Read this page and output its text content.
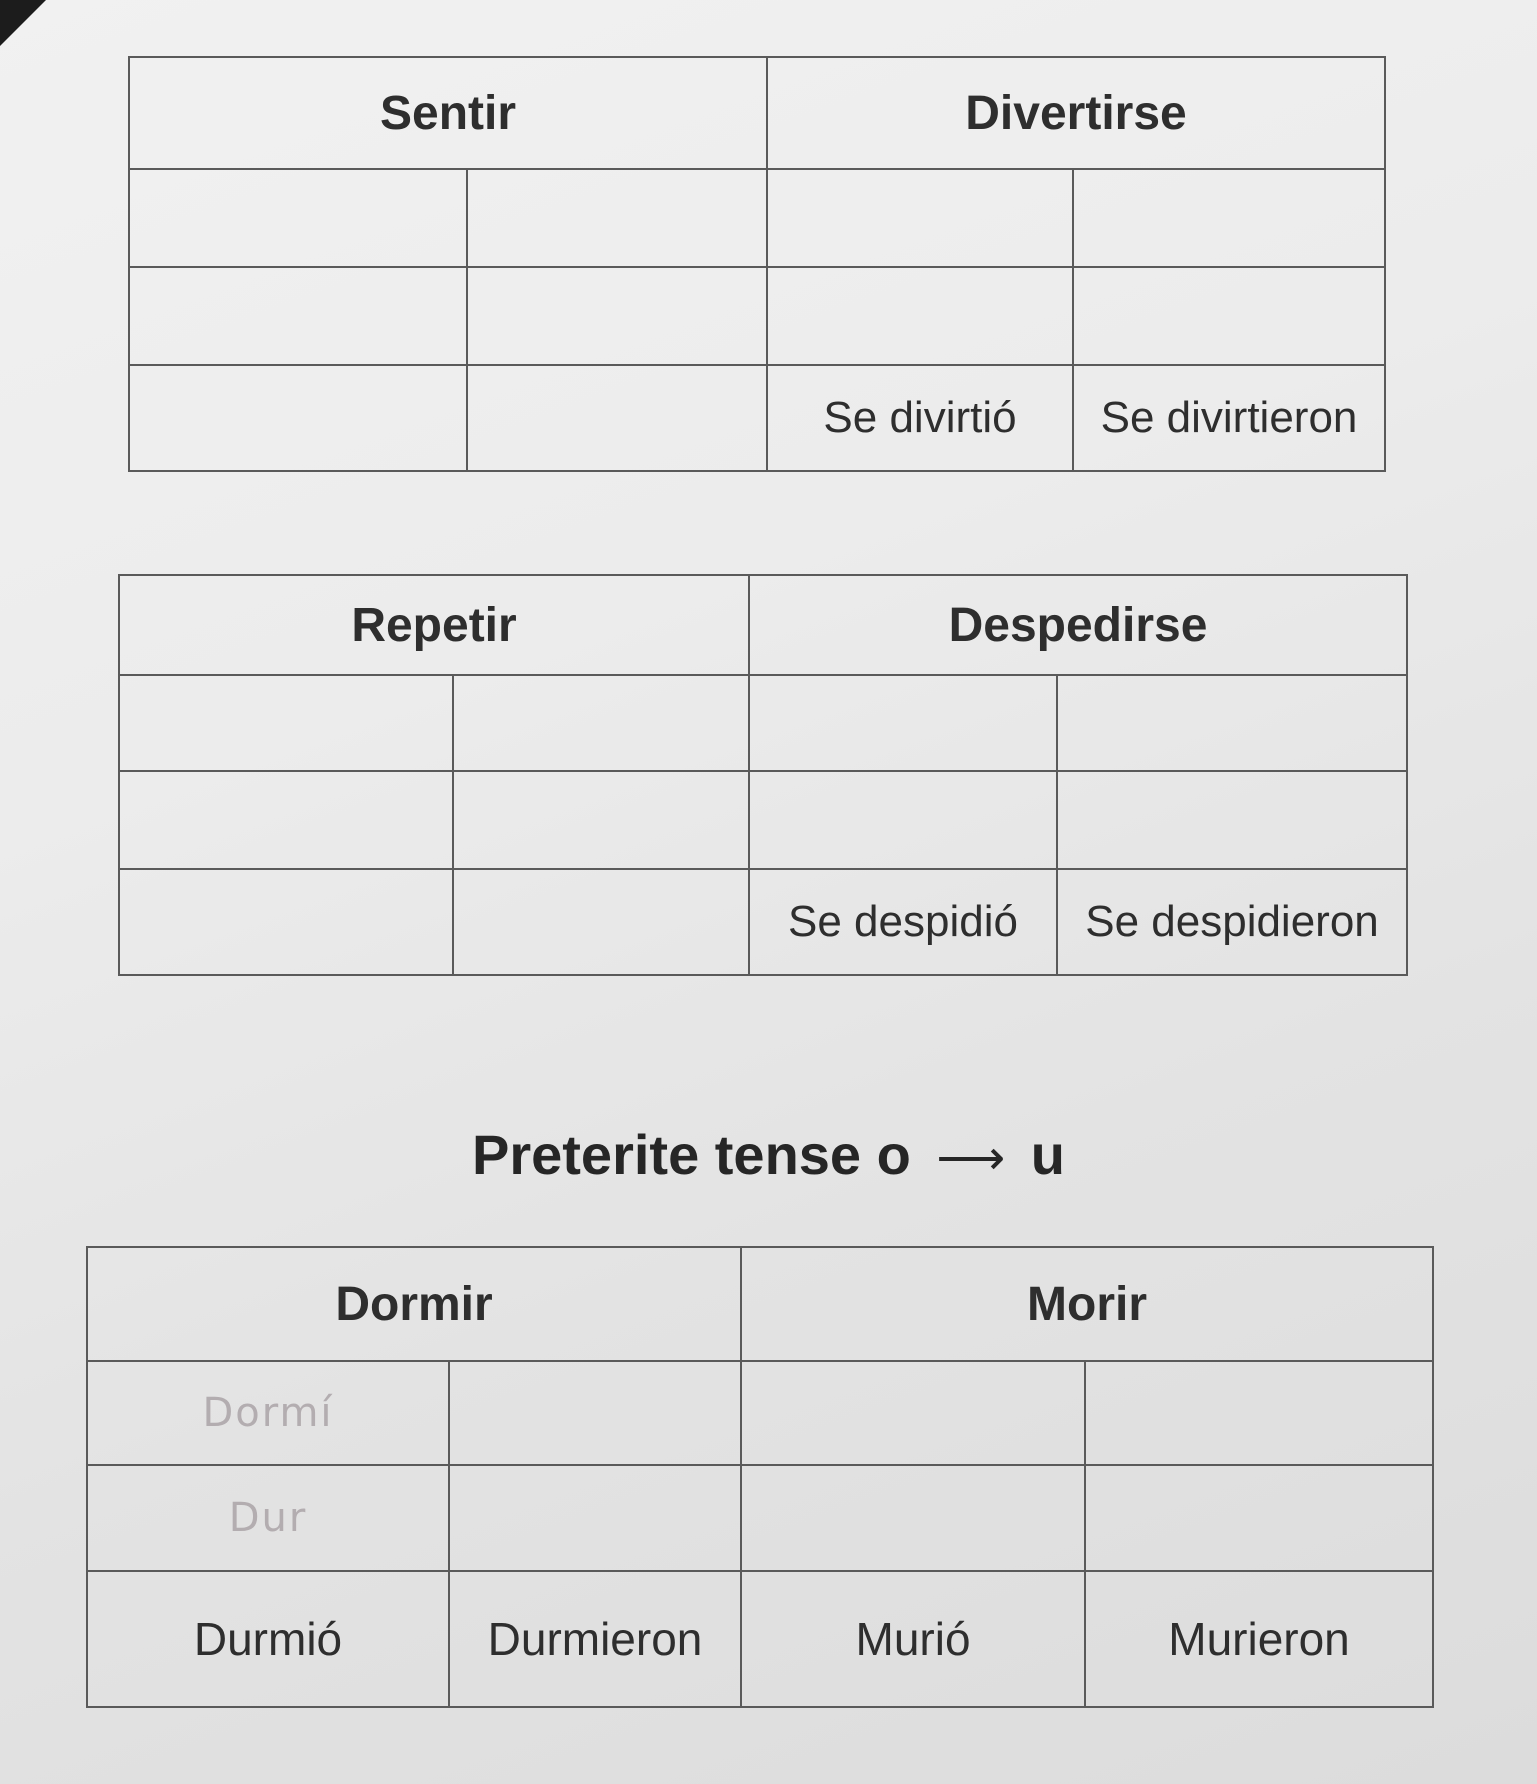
Sentir		Divertirse	

		Se divirtió	Se divirtieron
Repetir		Despedirse	

		Se despidió	Se despidieron
Preterite tense o ⟶ u
Dormir		Morir	
Dormí			
Dur			
Durmió	Durmieron	Murió	Murieron
